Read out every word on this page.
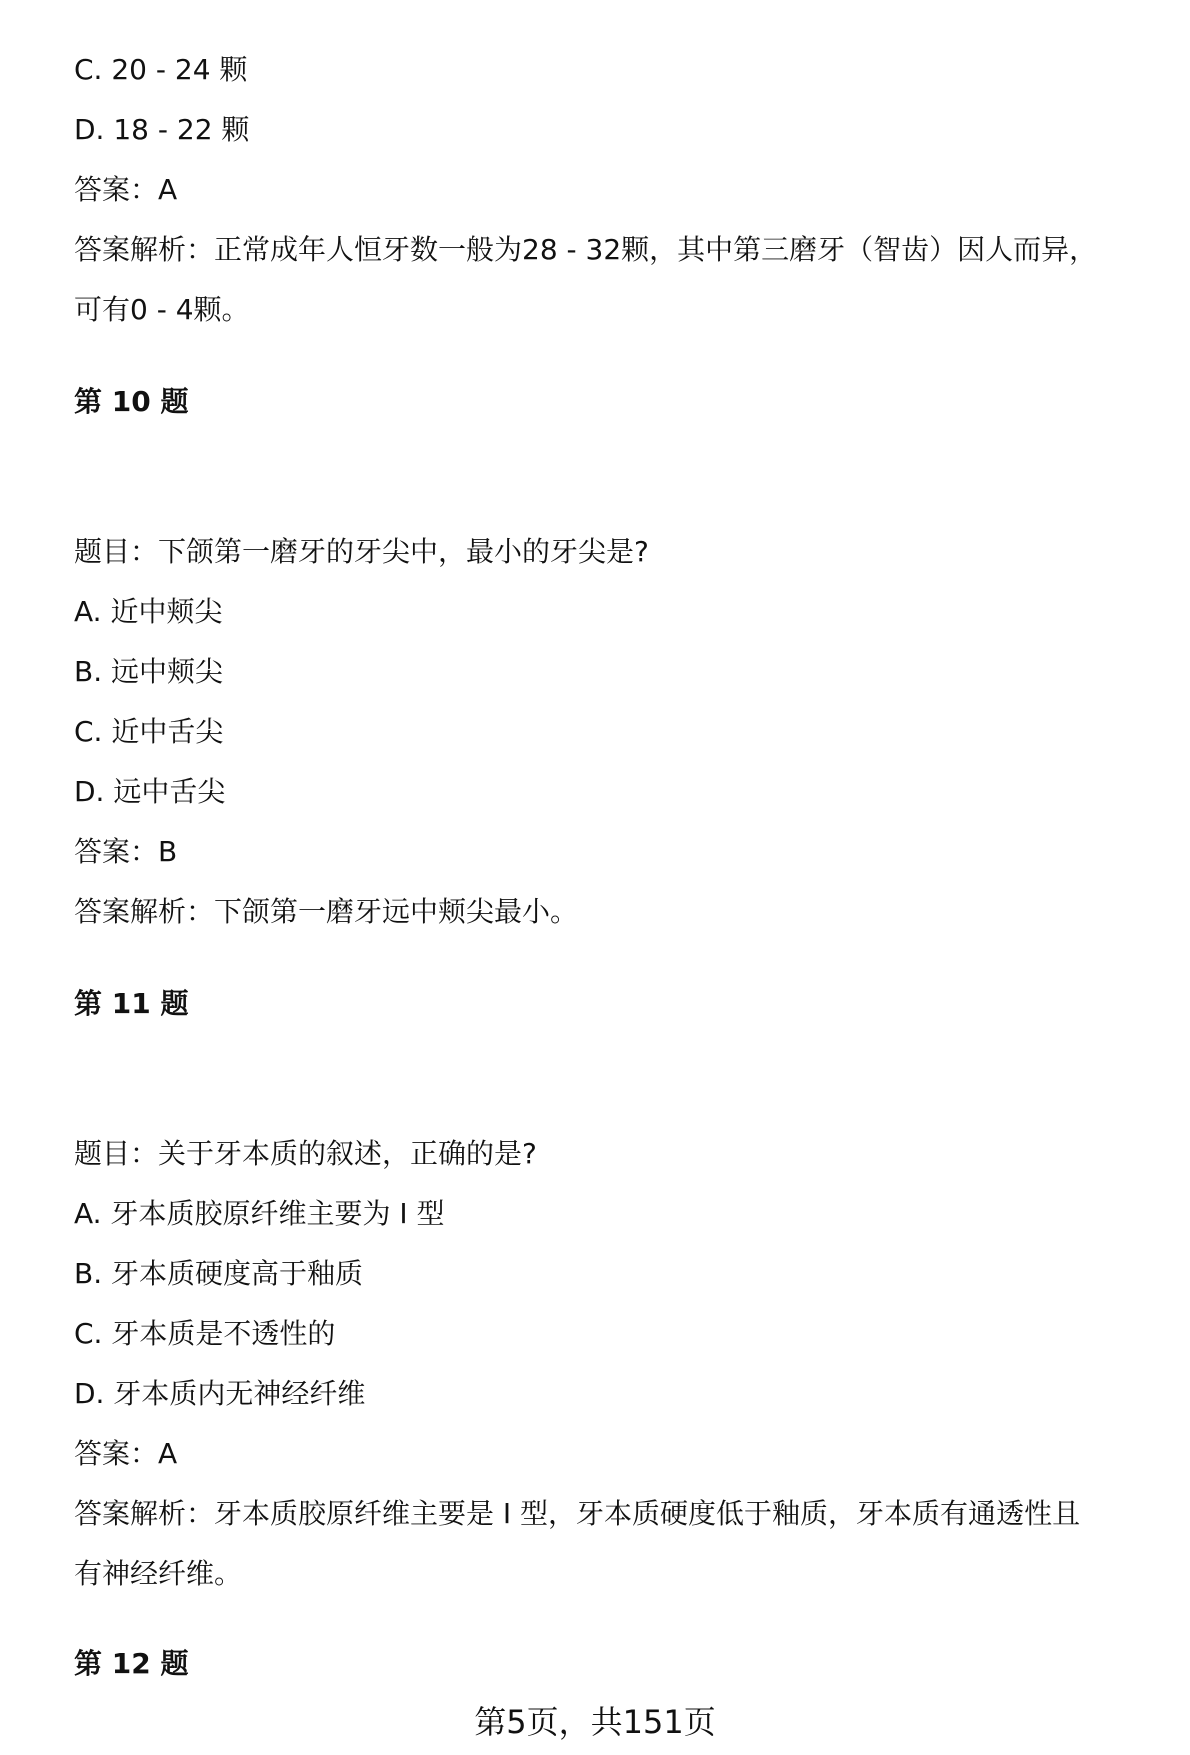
C. 20 - 24 颗
D. 18 - 22 颗
答案：A
答案解析：正常成年人恒牙数一般为28 - 32颗，其中第三磨牙（智齿）因人而异，
可有0 - 4颗。
第 10 题
题目：下颌第一磨牙的牙尖中，最小的牙尖是?
A. 近中颊尖
B. 远中颊尖
C. 近中舌尖
D. 远中舌尖
答案：B
答案解析：下颌第一磨牙远中颊尖最小。
第 11 题
题目：关于牙本质的叙述，正确的是?
A. 牙本质胶原纤维主要为 Ⅰ 型
B. 牙本质硬度高于釉质
C. 牙本质是不透性的
D. 牙本质内无神经纤维
答案：A
答案解析：牙本质胶原纤维主要是 Ⅰ 型，牙本质硬度低于釉质，牙本质有通透性且
有神经纤维。
第 12 题
第5页，共151页
